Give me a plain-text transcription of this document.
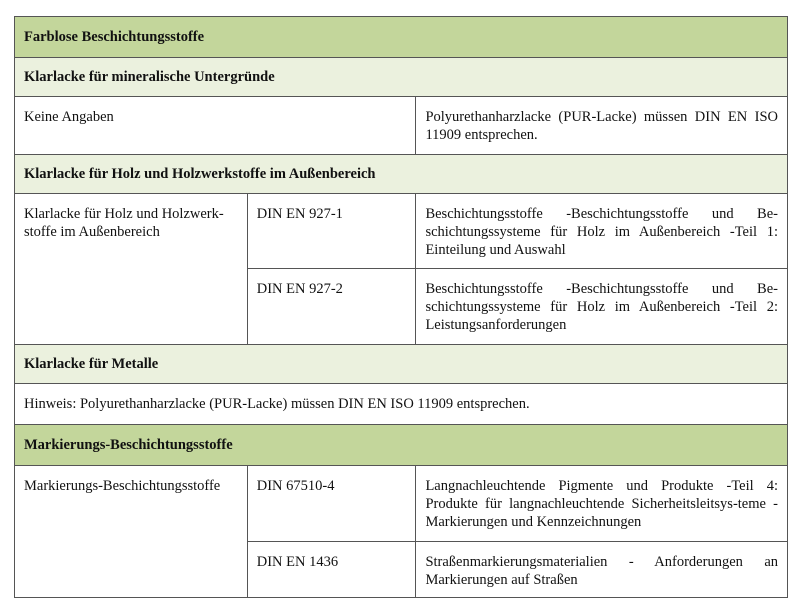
Farblose Beschichtungsstoffe		
Klarlacke für mineralische Untergründe		
Keine Angaben		Polyurethanharzlacke (PUR-Lacke) müssen DIN EN ISO 11909 entsprechen.
Klarlacke für Holz und Holzwerkstoffe im Außenbereich		
Klarlacke für Holz und Holzwerk-stoffe im Außenbereich	DIN EN 927-1	Beschichtungsstoffe -Beschichtungsstoffe und Be-schichtungssysteme für Holz im Außenbereich -Teil 1: Einteilung und Auswahl
	DIN EN 927-2	Beschichtungsstoffe -Beschichtungsstoffe und Be-schichtungssysteme für Holz im Außenbereich -Teil 2: Leistungsanforderungen
Klarlacke für Metalle		
Hinweis: Polyurethanharzlacke (PUR-Lacke) müssen DIN EN ISO 11909 entsprechen.		
Markierungs-Beschichtungsstoffe		
Markierungs-Beschichtungsstoffe	DIN 67510-4	Langnachleuchtende Pigmente und Produkte -Teil 4: Produkte für langnachleuchtende Sicherheitsleitsys-teme -Markierungen und Kennzeichnungen
	DIN EN 1436	Straßenmarkierungsmaterialien - Anforderungen an Markierungen auf Straßen
